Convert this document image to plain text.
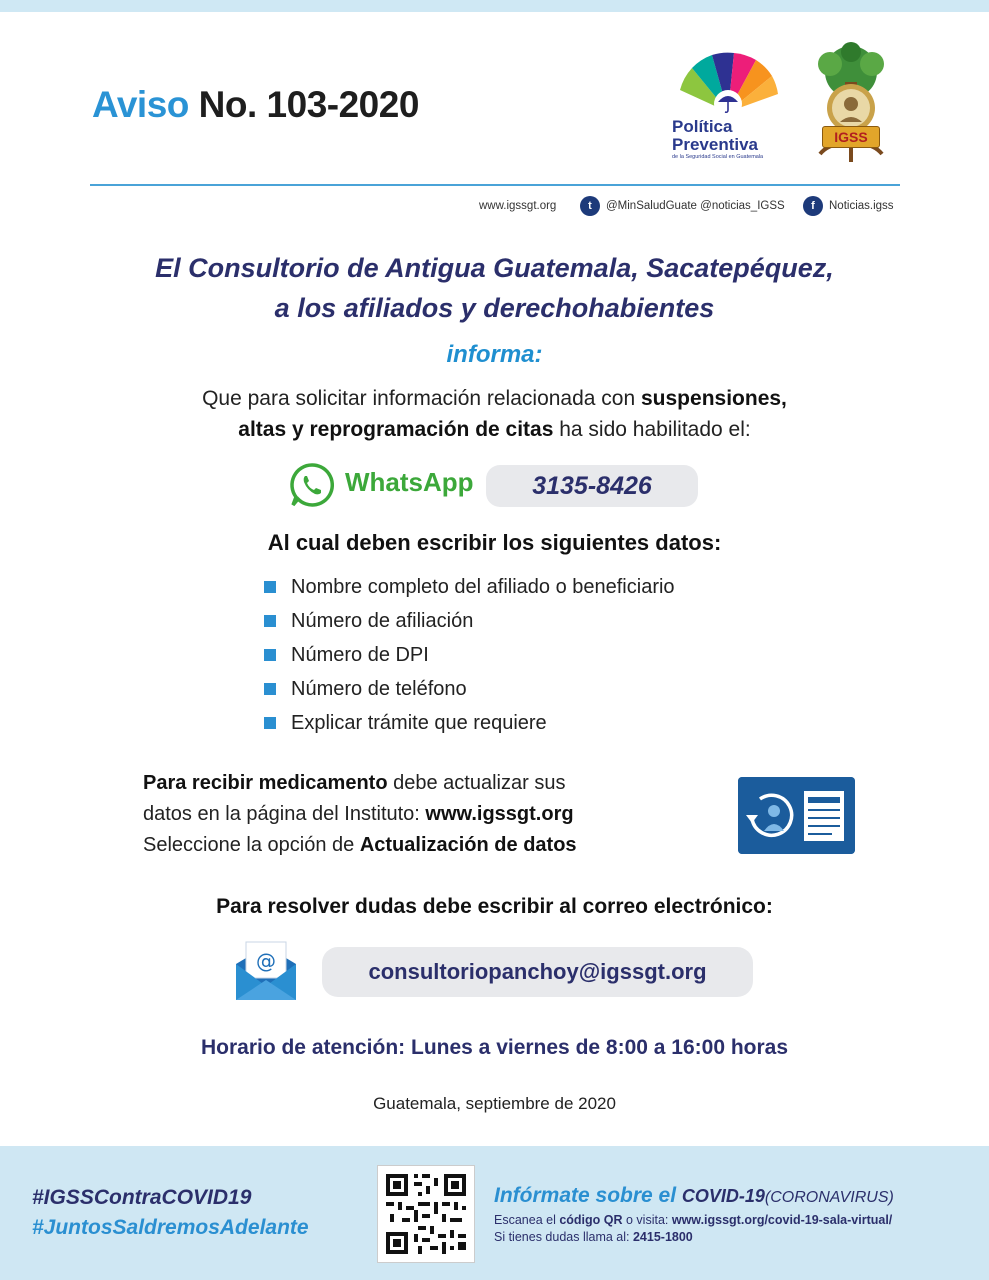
Aviso No. 103-2020
Política
Preventiva
de la Seguridad Social en Guatemala
IGSS
www.igssgt.org	t	@MinSaludGuate @noticias_IGSS	f	Noticias.igss
El Consultorio de Antigua Guatemala, Sacatepéquez,
a los afiliados y derechohabientes
informa:
Que para solicitar información relacionada con suspensiones,
altas y reprogramación de citas ha sido habilitado el:
WhatsApp	3135-8426
Al cual deben escribir los siguientes datos:
Nombre completo del afiliado o beneficiario
Número de afiliación
Número de DPI
Número de teléfono
Explicar trámite que requiere
Para recibir medicamento debe actualizar sus
datos en la página del Instituto: www.igssgt.org
Seleccione la opción de Actualización de datos
Para resolver dudas debe escribir al correo electrónico:
@	consultoriopanchoy@igssgt.org
Horario de atención: Lunes a viernes de 8:00 a 16:00 horas
Guatemala, septiembre de 2020
#IGSSContraCOVID19
#JuntosSaldremosAdelante
Infórmate sobre el COVID-19(CORONAVIRUS)
Escanea el código QR o visita: www.igssgt.org/covid-19-sala-virtual/
Si tienes dudas llama al: 2415-1800
